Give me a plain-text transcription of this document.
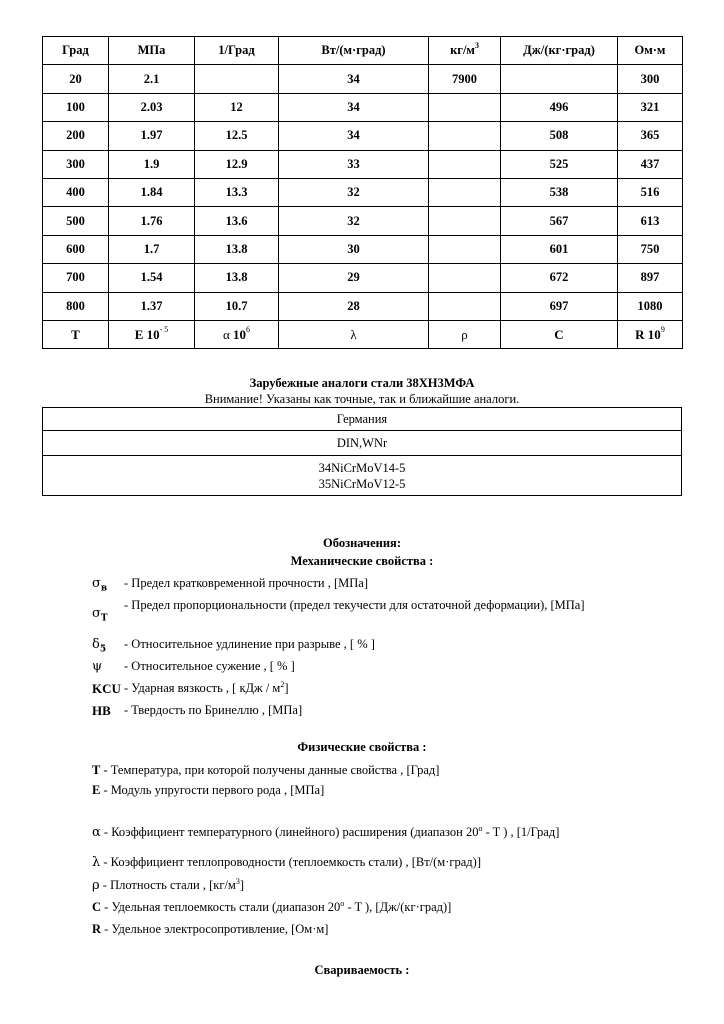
Град	МПа	1/Град	Вт/(м·град)	$кг/м^3$	Дж/(кг·град)	Ом·м
20	2.1		34	7900		300
100	2.03	12	34		496	321
200	1.97	12.5	34		508	365
300	1.9	12.9	33		525	437
400	1.84	13.3	32		538	516
500	1.76	13.6	32		567	613
600	1.7	13.8	30		601	750
700	1.54	13.8	29		672	897
800	1.37	10.7	28		697	1080
T	E $10^{- 5}$	α $10^6$	λ	ρ	C	R $10^9$
Зарубежные аналоги стали 38ХН3МФА
Внимание! Указаны как точные, так и ближайшие аналоги.
Германия
DIN,WNr
34NiCrMoV14-5
35NiCrMoV12-5
Обозначения:
Механические свойства :
$\sigma_в$	- Предел кратковременной прочности , [МПа]
$\sigma_T$
- Предел пропорциональности (предел текучести для остаточной деформации), [МПа]
$\delta_5$	- Относительное удлинение при разрыве , [ % ]
ψ	- Относительное сужение , [ % ]
KCU - Ударная вязкость , [ кДж / $м^2$]
HB	- Твердость по Бринеллю , [МПа]
Физические свойства :
T - Температура, при которой получены данные свойства , [Град]
E - Модуль упругости первого рода , [МПа]
α - Коэффициент температурного (линейного) расширения (диапазон 20$^o$ - T ) , [1/Град]
λ - Коэффициент теплопроводности (теплоемкость стали) , [Вт/(м·град)]
ρ - Плотность стали , $[кг/м^3]$
C - Удельная теплоемкость стали (диапазон 20$^o$ - T ), [Дж/(кг·град)]
R - Удельное электросопротивление, [Ом·м]
Свариваемость :
